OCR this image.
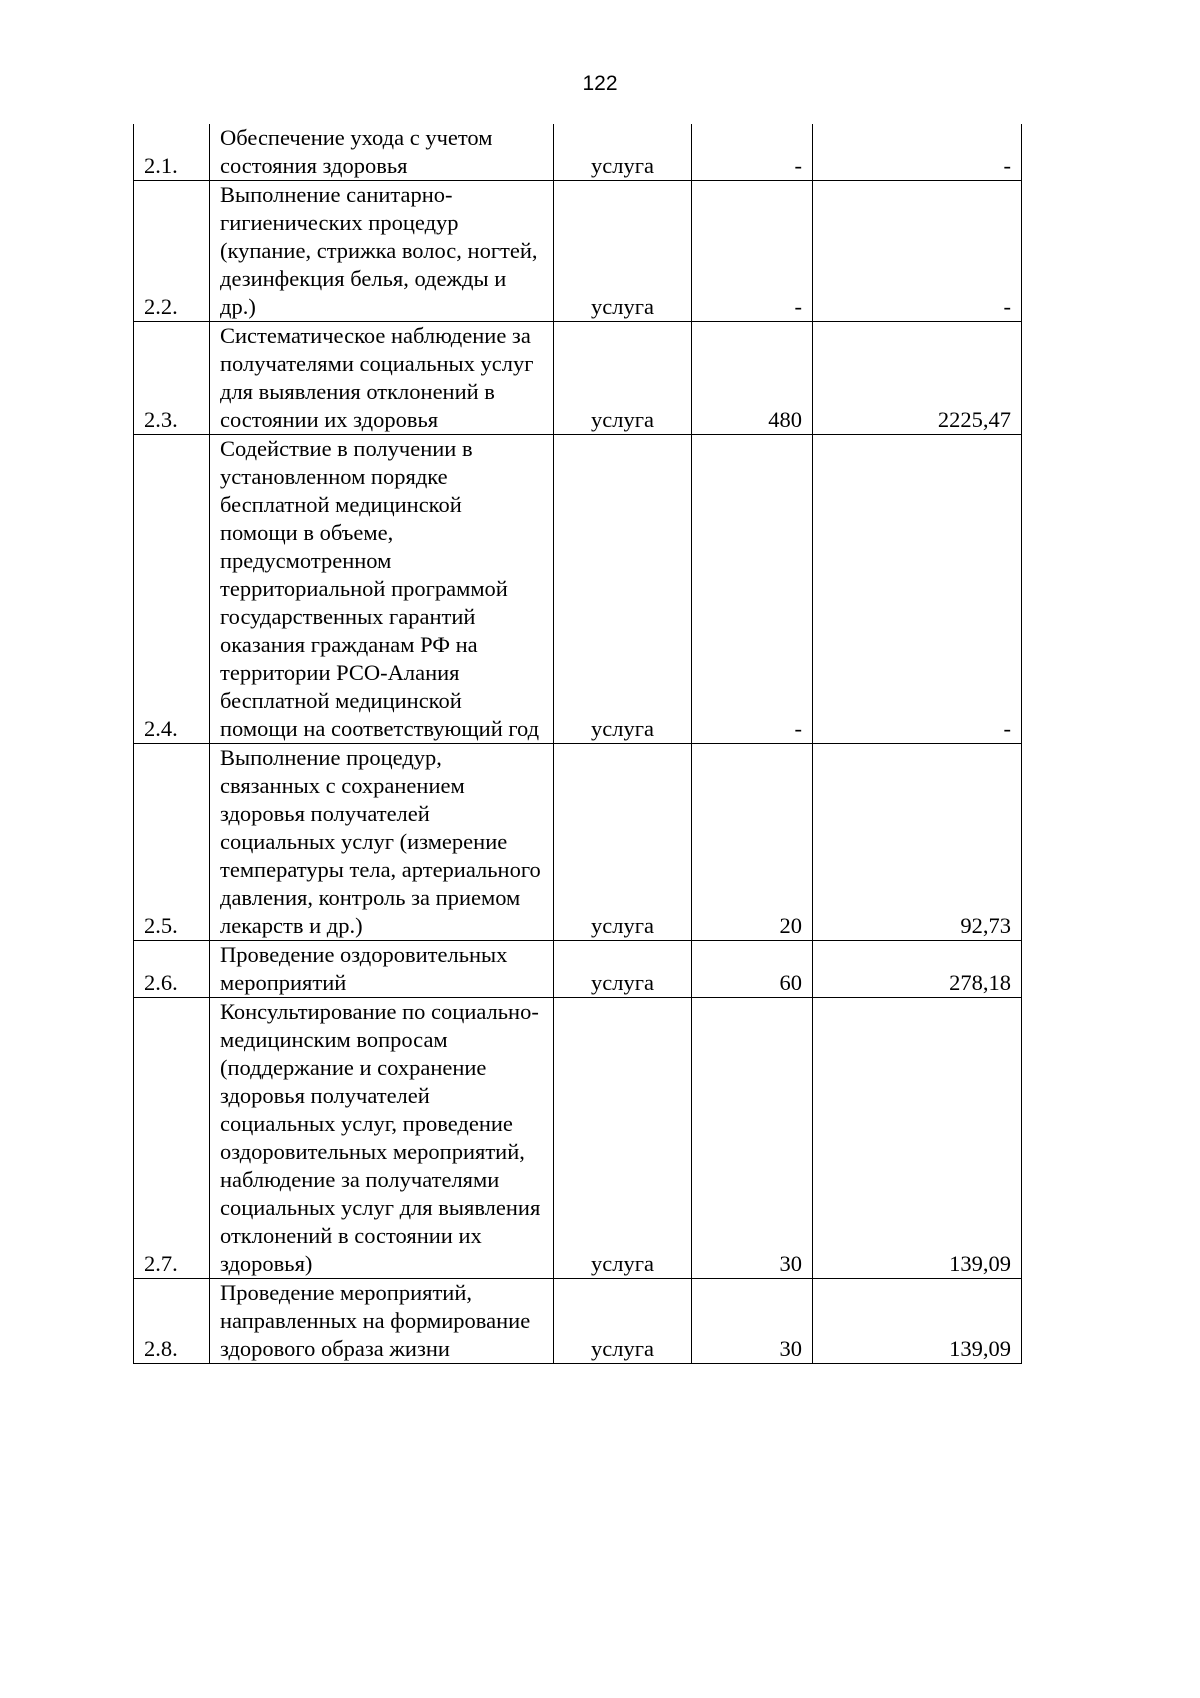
122
2.1.	Обеспечение ухода с учетом состояния здоровья	услуга	-	-
2.2.	Выполнение санитарно-гигиенических процедур (купание, стрижка волос, ногтей, дезинфекция белья, одежды и др.)	услуга	-	-
2.3.	Систематическое наблюдение за получателями социальных услуг для выявления отклонений в состоянии их здоровья	услуга	480	2225,47
2.4.	Содействие в получении в установленном порядке бесплатной медицинской помощи в объеме, предусмотренном территориальной программой государственных гарантий оказания гражданам РФ на территории РСО-Алания бесплатной медицинской помощи на соответствующий год	услуга	-	-
2.5.	Выполнение процедур, связанных с сохранением здоровья получателей социальных услуг (измерение температуры тела, артериального давления, контроль за приемом лекарств и др.)	услуга	20	92,73
2.6.	Проведение оздоровительных мероприятий	услуга	60	278,18
2.7.	Консультирование по социально-медицинским вопросам (поддержание и сохранение здоровья получателей социальных услуг, проведение оздоровительных мероприятий, наблюдение за получателями социальных услуг для выявления отклонений в состоянии их здоровья)	услуга	30	139,09
2.8.	Проведение мероприятий, направленных на формирование здорового образа жизни	услуга	30	139,09
